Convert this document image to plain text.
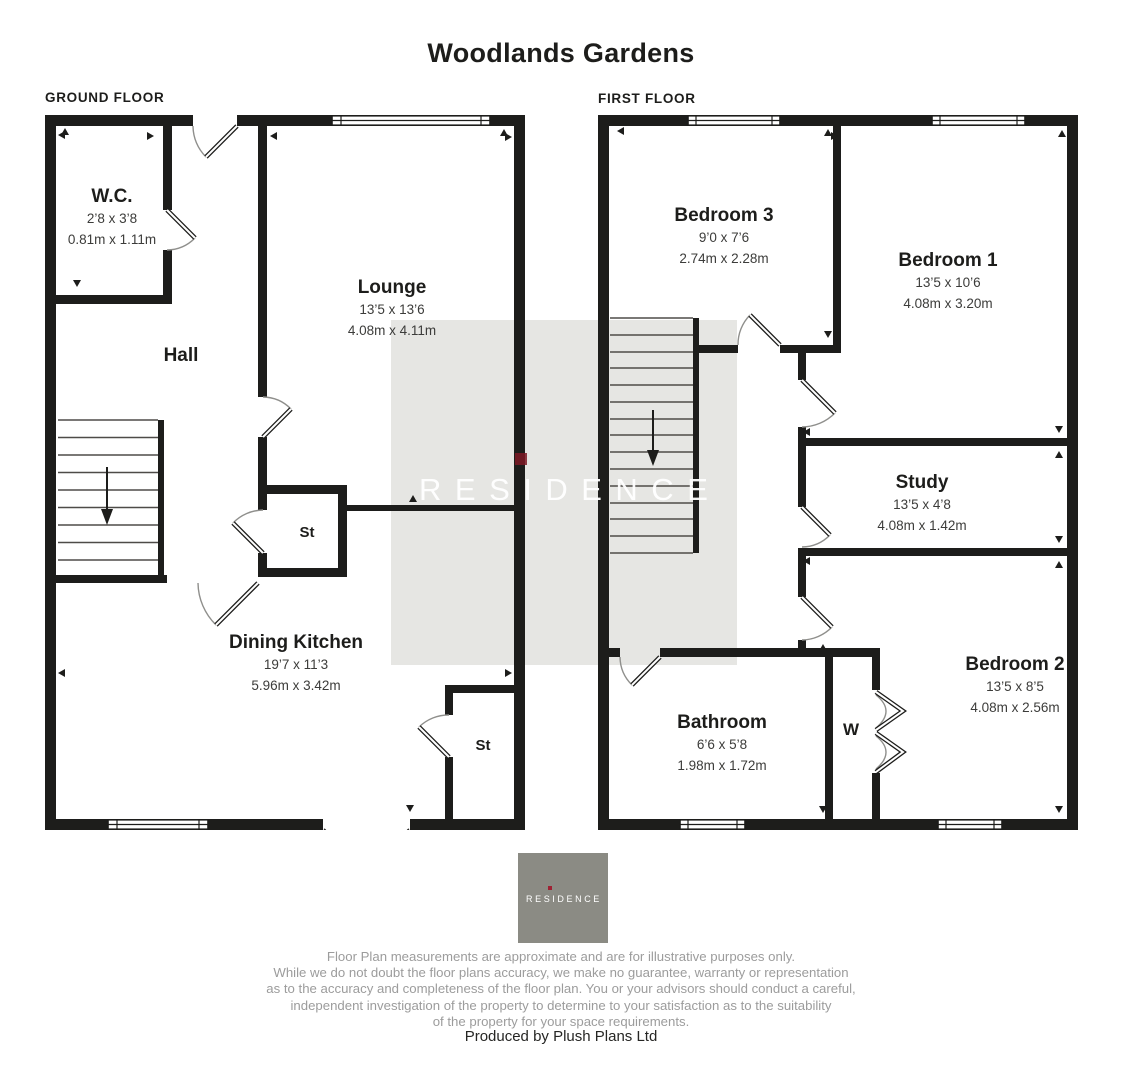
Woodlands Gardens
GROUND FLOOR	FIRST FLOOR
RESIDENCE
W.C.
2’8 x 3’8
0.81m x 1.11m
Hall
Lounge
13’5 x 13’6
4.08m x 4.11m
St
Dining Kitchen
19’7 x 11’3
5.96m x 3.42m
St
Bedroom 3
9’0 x 7’6
2.74m x 2.28m	Bedroom 1
13’5 x 10’6
4.08m x 3.20m
Study
13’5 x 4’8
4.08m x 1.42m
Bedroom 2
13’5 x 8’5
4.08m x 2.56m
Bathroom
6’6 x 5’8
1.98m x 1.72m
W
RESIDENCE
Floor Plan measurements are approximate and are for illustrative purposes only.
While we do not doubt the floor plans accuracy, we make no guarantee, warranty or representation
as to the accuracy and completeness of the floor plan. You or your advisors should conduct a careful,
independent investigation of the property to determine to your satisfaction as to the suitability
of the property for your space requirements.
Produced by Plush Plans Ltd
